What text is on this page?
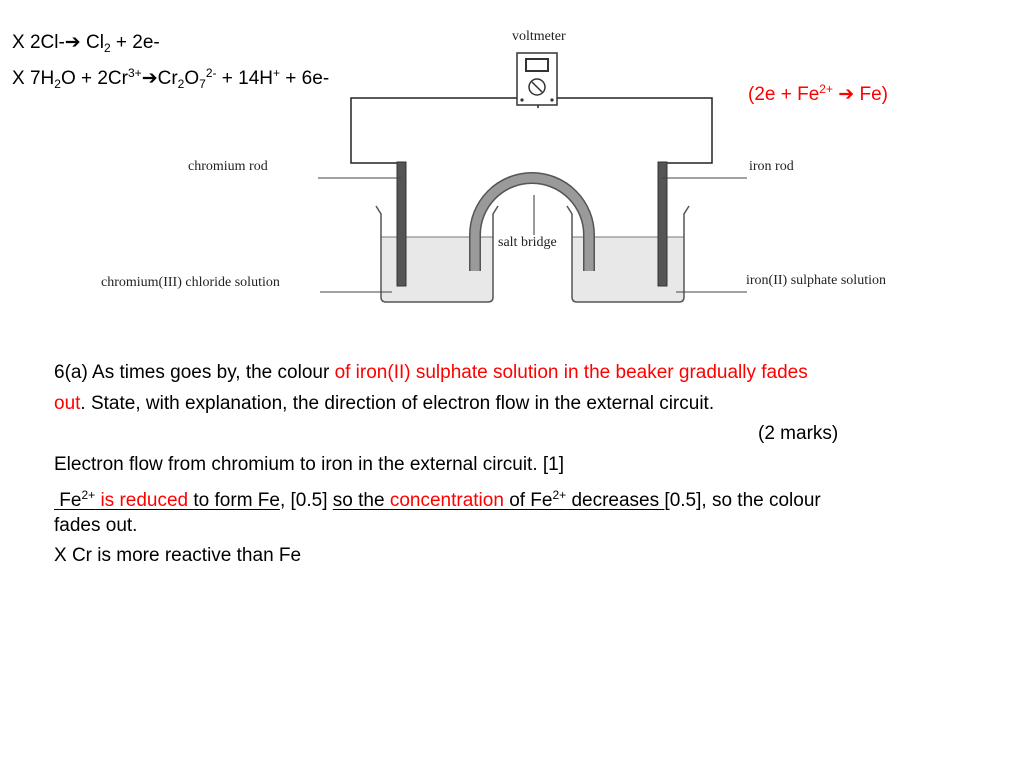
X 2Cl-➔ $Cl_2 + 2e-$
X $7H_2O$ + $2Cr^{3+}➔Cr_2O_7^{2-} + 14H^+ + 6e-$
($2e + Fe^{2+}$ ➔ Fe)
voltmeter
chromium rod	iron rod
salt bridge
chromium(III) chloride solution	iron(II) sulphate solution
6(a) As times goes by, the colour of iron(II) sulphate solution in the beaker gradually fades
out. State, with explanation, the direction of electron flow in the external circuit.
(2 marks)
Electron flow from chromium to iron in the external circuit. [1]
$Fe^{2+}$ is reduced to form Fe, [0.5] so the concentration of $Fe^{2+}$ decreases [0.5], so the colour
fades out.
X Cr is more reactive than Fe
